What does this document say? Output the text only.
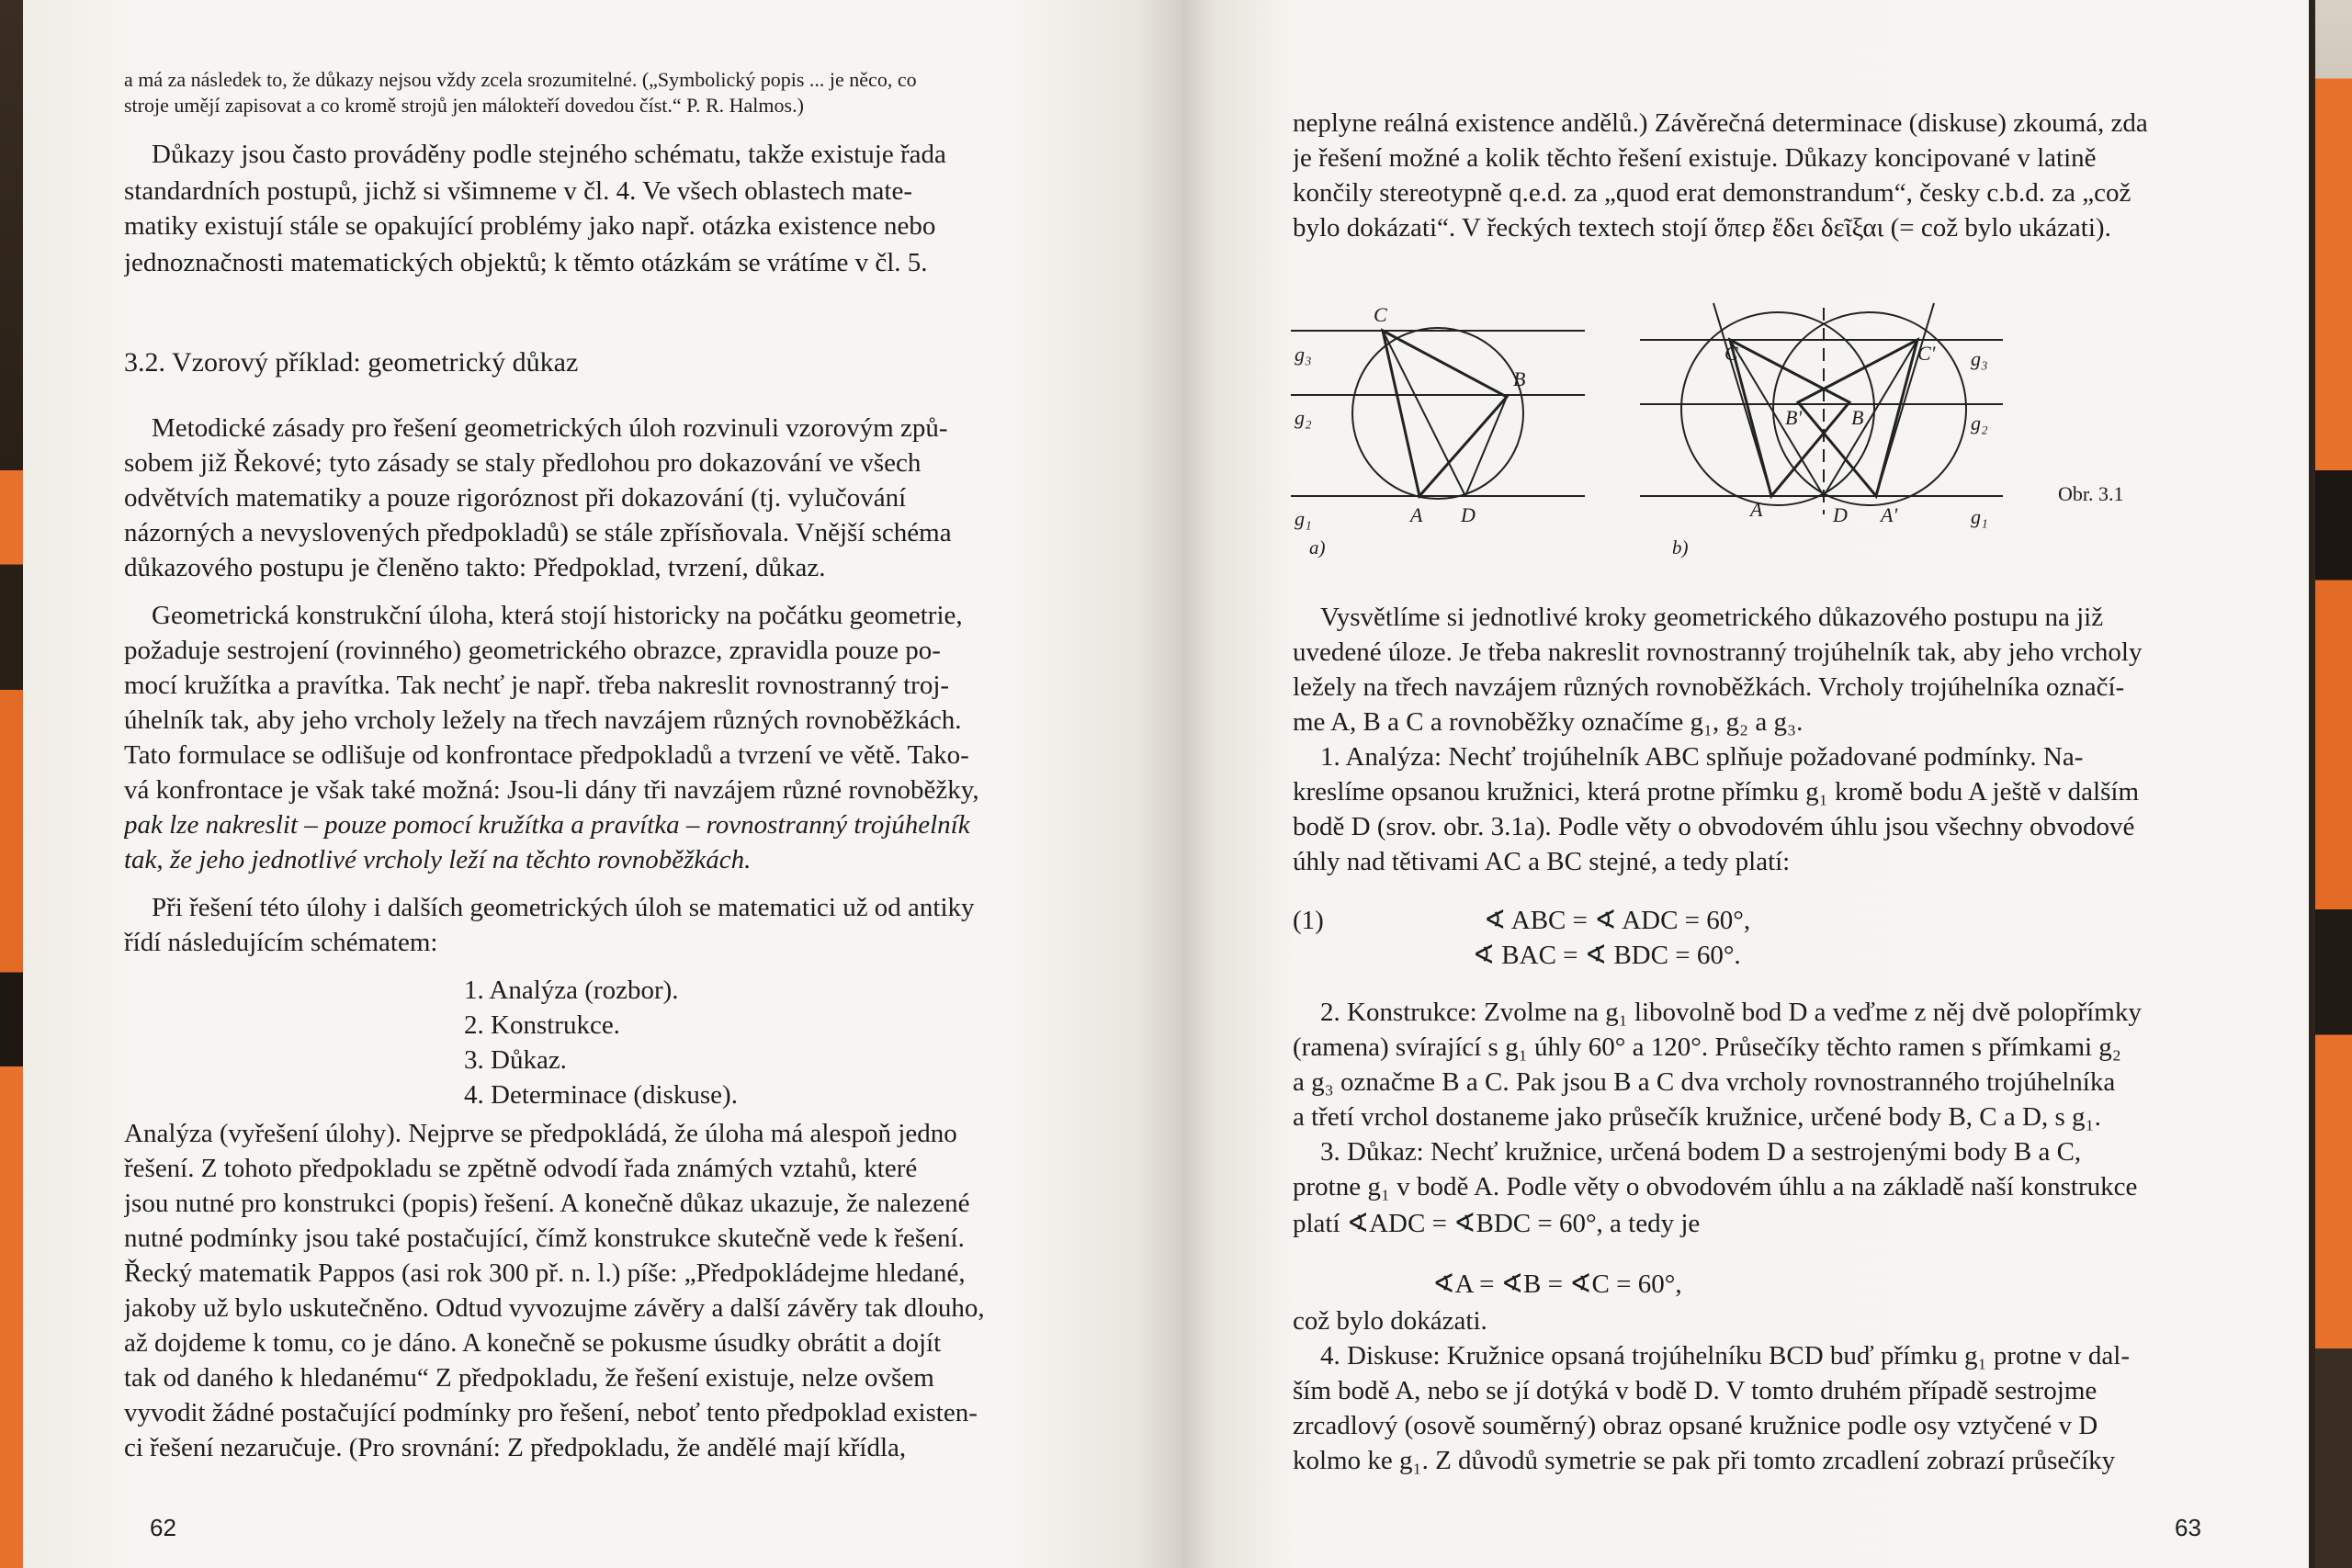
a má za následek to, že důkazy nejsou vždy zcela srozumitelné. („Symbolický popis ... je něco, co
stroje umějí zapisovat a co kromě strojů jen málokteří dovedou číst.“ P. R. Halmos.)
Důkazy jsou často prováděny podle stejného schématu, takže existuje řada
standardních postupů, jichž si všimneme v čl. 4. Ve všech oblastech mate-
matiky existují stále se opakující problémy jako např. otázka existence nebo
jednoznačnosti matematických objektů; k těmto otázkám se vrátíme v čl. 5.
3.2. Vzorový příklad: geometrický důkaz
Metodické zásady pro řešení geometrických úloh rozvinuli vzorovým způ-
sobem již Řekové; tyto zásady se staly předlohou pro dokazování ve všech
odvětvích matematiky a pouze rigoróznost při dokazování (tj. vylučování
názorných a nevyslovených předpokladů) se stále zpřísňovala. Vnější schéma
důkazového postupu je členěno takto: Předpoklad, tvrzení, důkaz.
Geometrická konstrukční úloha, která stojí historicky na počátku geometrie,
požaduje sestrojení (rovinného) geometrického obrazce, zpravidla pouze po-
mocí kružítka a pravítka. Tak nechť je např. třeba nakreslit rovnostranný troj-
úhelník tak, aby jeho vrcholy ležely na třech navzájem různých rovnoběžkách.
Tato formulace se odlišuje od konfrontace předpokladů a tvrzení ve větě. Tako-
vá konfrontace je však také možná: Jsou-li dány tři navzájem různé rovnoběžky,
pak lze nakreslit – pouze pomocí kružítka a pravítka – rovnostranný trojúhelník
tak, že jeho jednotlivé vrcholy leží na těchto rovnoběžkách.
Při řešení této úlohy i dalších geometrických úloh se matematici už od antiky
řídí následujícím schématem:
1. Analýza (rozbor).
2. Konstrukce.
3. Důkaz.
4. Determinace (diskuse).
Analýza (vyřešení úlohy). Nejprve se předpokládá, že úloha má alespoň jedno
řešení. Z tohoto předpokladu se zpětně odvodí řada známých vztahů, které
jsou nutné pro konstrukci (popis) řešení. A konečně důkaz ukazuje, že nalezené
nutné podmínky jsou také postačující, čímž konstrukce skutečně vede k řešení.
Řecký matematik Pappos (asi rok 300 př. n. l.) píše: „Předpokládejme hledané,
jakoby už bylo uskutečněno. Odtud vyvozujme závěry a další závěry tak dlouho,
až dojdeme k tomu, co je dáno. A konečně se pokusme úsudky obrátit a dojít
tak od daného k hledanému“ Z předpokladu, že řešení existuje, nelze ovšem
vyvodit žádné postačující podmínky pro řešení, neboť tento předpoklad existen-
ci řešení nezaručuje. (Pro srovnání: Z předpokladu, že andělé mají křídla,
62
neplyne reálná existence andělů.) Závěrečná determinace (diskuse) zkoumá, zda
je řešení možné a kolik těchto řešení existuje. Důkazy koncipované v latině
končily stereotypně q.e.d. za „quod erat demonstrandum“, česky c.b.d. za „což
bylo dokázati“. V řeckých textech stojí ὅπερ ἔδει δεῖξαι (= což bylo ukázati).
Vysvětlíme si jednotlivé kroky geometrického důkazového postupu na již
uvedené úloze. Je třeba nakreslit rovnostranný trojúhelník tak, aby jeho vrcholy
ležely na třech navzájem různých rovnoběžkách. Vrcholy trojúhelníka označí-
me A, B a C a rovnoběžky označíme g₁, g₂ a g₃.
1. Analýza: Nechť trojúhelník ABC splňuje požadované podmínky. Na-
kreslíme opsanou kružnici, která protne přímku g₁ kromě bodu A ještě v dalším
bodě D (srov. obr. 3.1a). Podle věty o obvodovém úhlu jsou všechny obvodové
úhly nad tětivami AC a BC stejné, a tedy platí:
(1)                        ∢ ABC = ∢ ADC = 60°,
∢ BAC = ∢ BDC = 60°.
2. Konstrukce: Zvolme na g₁ libovolně bod D a veďme z něj dvě polopřímky
(ramena) svírající s g₁ úhly 60° a 120°. Průsečíky těchto ramen s přímkami g₂
a g₃ označme B a C. Pak jsou B a C dva vrcholy rovnostranného trojúhelníka
a třetí vrchol dostaneme jako průsečík kružnice, určené body B, C a D, s g₁.
3. Důkaz: Nechť kružnice, určená bodem D a sestrojenými body B a C,
protne g₁ v bodě A. Podle věty o obvodovém úhlu a na základě naší konstrukce
platí ∢ADC = ∢BDC = 60°, a tedy je
∢A = ∢B = ∢C = 60°,
což bylo dokázati.
4. Diskuse: Kružnice opsaná trojúhelníku BCD buď přímku g₁ protne v dal-
ším bodě A, nebo se jí dotýká v bodě D. V tomto druhém případě sestrojme
zrcadlový (osově souměrný) obraz opsané kružnice podle osy vztyčené v D
kolmo ke g₁. Z důvodů symetrie se pak při tomto zrcadlení zobrazí průsečíky
63
C
B
A D
g₃
g₂
g₁
a)
C	C'
B' B
A	D A'
g₃
g₂
g₁
b)
Obr. 3.1
